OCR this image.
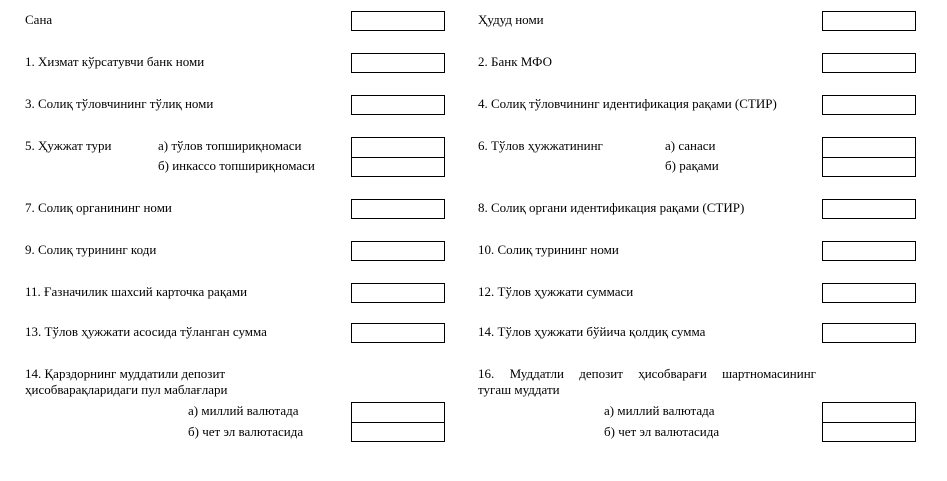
Сана	Ҳудуд номи
1. Хизмат кўрсатувчи банк номи	2. Банк МФО
3. Солиқ тўловчининг тўлиқ номи	4. Солиқ тўловчининг идентификация рақами (СТИР)
5. Ҳужжат тури	а) тўлов топшириқномаси
б) инкассо топшириқномаси
6. Тўлов ҳужжатининг	а) санаси
б) рақами
7. Солиқ органининг номи	8. Солиқ органи идентификация рақами (СТИР)
9. Солиқ турининг коди	10. Солиқ турининг номи
11. Ғазначилик шахсий карточка рақами	12. Тўлов ҳужжати суммаси
13. Тўлов ҳужжати асосида тўланган сумма	14. Тўлов ҳужжати бўйича қолдиқ сумма
14. Қарздорнинг муддатили депозит
ҳисобварақларидаги пул маблағлари
а) миллий валютада
б) чет эл валютасида
16. Муддатли депозит ҳисобварағи шартномасининг
тугаш муддати
а) миллий валютада
б) чет эл валютасида
